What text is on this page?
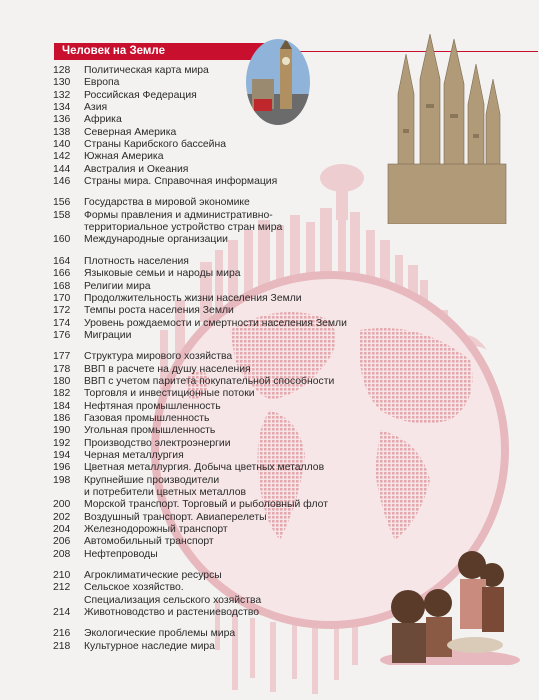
Человек на Земле
128	Политическая карта мира
130	Европа
132	Российская Федерация
134	Азия
136	Африка
138	Северная Америка
140	Страны Карибского бассейна
142	Южная Америка
144	Австралия и Океания
146	Страны мира. Справочная информация
156	Государства в мировой экономике
158	Формы правления и административно-
территориальное устройство стран мира
160	Международные организации
164	Плотность населения
166	Языковые семьи и народы мира
168	Религии мира
170	Продолжительность жизни населения Земли
172	Темпы роста населения Земли
174	Уровень рождаемости и смертности населения Земли
176	Миграции
177	Структура мирового хозяйства
178	ВВП в расчете на душу населения
180	ВВП с учетом паритета покупательной способности
182	Торговля и инвестиционные потоки
184	Нефтяная промышленность
186	Газовая промышленность
190	Угольная промышленность
192	Производство электроэнергии
194	Черная металлургия
196	Цветная металлургия. Добыча цветных металлов
198	Крупнейшие производители
и потребители цветных металлов
200	Морской транспорт. Торговый и рыболовный флот
202	Воздушный транспорт. Авиаперелеты
204	Железнодорожный транспорт
206	Автомобильный транспорт
208	Нефтепроводы
210	Агроклиматические ресурсы
212	Сельское хозяйство.
Специализация сельского хозяйства
214	Животноводство и растениеводство
216	Экологические проблемы мира
218	Культурное наследие мира
